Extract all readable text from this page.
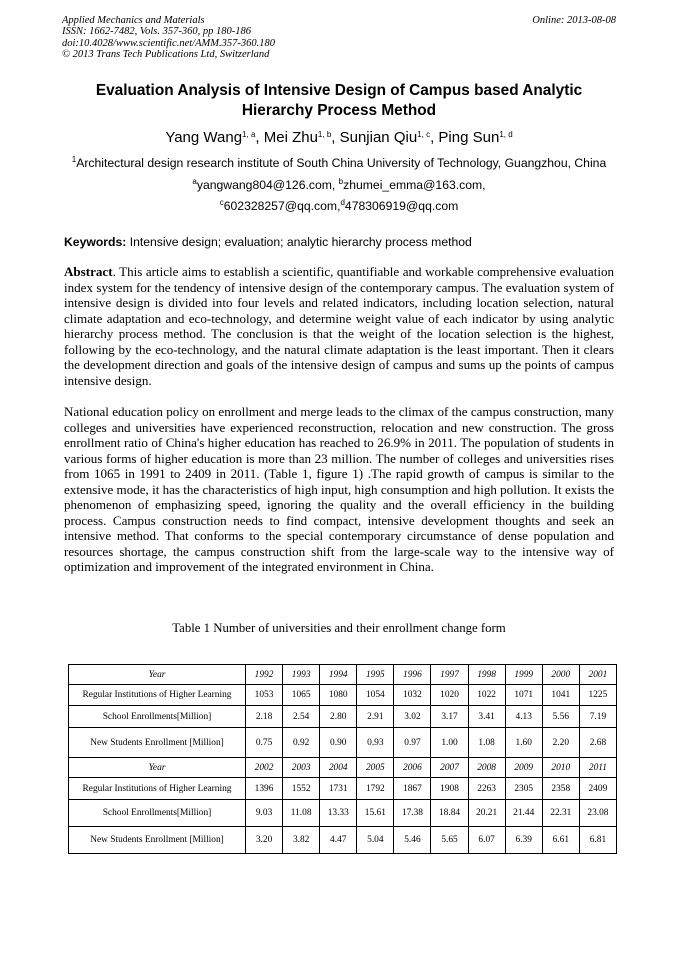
Applied Mechanics and Materials
ISSN: 1662-7482, Vols. 357-360, pp 180-186
doi:10.4028/www.scientific.net/AMM.357-360.180
© 2013 Trans Tech Publications Ltd, Switzerland
Online: 2013-08-08
Evaluation Analysis of Intensive Design of Campus based Analytic Hierarchy Process Method
Yang Wang$^{1, a}$, Mei Zhu$^{1, b}$, Sunjian Qiu$^{1, c}$, Ping Sun$^{1, d}$
$^1$Architectural design research institute of South China University of Technology, Guangzhou, China
$^a$yangwang804@126.com, $^b$zhumei_emma@163.com,
$^c$602328257@qq.com,$^d$478306919@qq.com
Keywords: Intensive design; evaluation; analytic hierarchy process method
Abstract. This article aims to establish a scientific, quantifiable and workable comprehensive evaluation index system for the tendency of intensive design of the contemporary campus. The evaluation system of intensive design is divided into four levels and related indicators, including location selection, natural climate adaptation and eco-technology, and determine weight value of each indicator by using analytic hierarchy process method. The conclusion is that the weight of the location selection is the highest, following by the eco-technology, and the natural climate adaptation is the least important. Then it clears the development direction and goals of the intensive design of campus and sums up the points of campus intensive design.
National education policy on enrollment and merge leads to the climax of the campus construction, many colleges and universities have experienced reconstruction, relocation and new construction. The gross enrollment ratio of China's higher education has reached to 26.9% in 2011. The population of students in various forms of higher education is more than 23 million. The number of colleges and universities rises from 1065 in 1991 to 2409 in 2011. (Table 1, figure 1) .The rapid growth of campus is similar to the extensive mode, it has the characteristics of high input, high consumption and high pollution. It exists the phenomenon of emphasizing speed, ignoring the quality and the overall efficiency in the building process. Campus construction needs to find compact, intensive development thoughts and seek an intensive method. That conforms to the special contemporary circumstance of dense population and resources shortage, the campus construction shift from the large-scale way to the intensive way of optimization and improvement of the integrated environment in China.
Table 1 Number of universities and their enrollment change form
Year	1992	1993	1994	1995	1996	1997	1998	1999	2000	2001
Regular Institutions of Higher Learning	1053	1065	1080	1054	1032	1020	1022	1071	1041	1225
School Enrollments[Million]	2.18	2.54	2.80	2.91	3.02	3.17	3.41	4.13	5.56	7.19
New Students Enrollment [Million]	0.75	0.92	0.90	0.93	0.97	1.00	1.08	1.60	2.20	2.68
Year	2002	2003	2004	2005	2006	2007	2008	2009	2010	2011
Regular Institutions of Higher Learning	1396	1552	1731	1792	1867	1908	2263	2305	2358	2409
School Enrollments[Million]	9.03	11.08	13.33	15.61	17.38	18.84	20.21	21.44	22.31	23.08
New Students Enrollment [Million]	3.20	3.82	4.47	5.04	5.46	5.65	6.07	6.39	6.61	6.81
